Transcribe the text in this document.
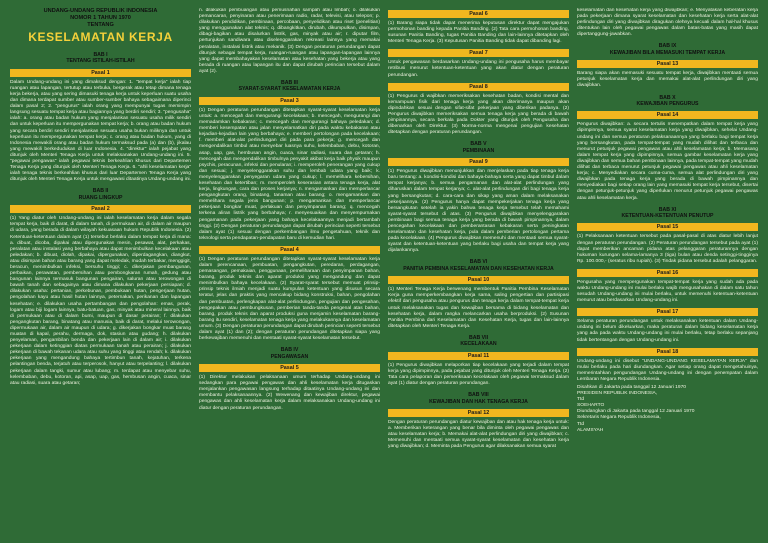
UNDANG-UNDANG REPUBLIK INDONESIA
NOMOR 1 TAHUN 1970
TENTANG
KESELAMATAN KERJA
BAB I
TENTANG ISTILAH-ISTILAH
Pasal 1
Dalam Undang-undang ini yang dimaksud dengan: 1. "tempat kerja" ialah tiap ruangan atau lapangan, tertutup atau terbuka, bergerak atau tetap dimana tenaga kerja bekerja, atau yang sering dimasuki tenaga kerja untuk keperluan suatu usaha dan dimana terdapat sumber atau sumber-sumber bahaya sebagaimana diperinci dalam pasal 2; 2. "pengurus" ialah orang yang mempunyai tugas memimpin langsung sesuatu tempat kerja atau bagiannya yang berdiri sendiri; 3. "pengusaha" ialah: a. orang atau badan hukum yang menjalankan sesuatu usaha milik sendiri dan untuk keperluan itu mempergunakan tempat kerja; b. orang atau badan hukum yang secara berdiri sendiri menjalankan sesuatu usaha bukan miliknya dan untuk keperluan itu mempergunakan tempat kerja; c. orang atau badan hukum, yang di Indonesia mewakili orang atau badan hukum termaksud pada (a) dan (b), jikalau yang mewakili berkedudukan di luar Indonesia. 4. "direktur" ialah pejabat yang ditunjuk oleh Menteri Tenaga Kerja untuk melaksanakan Undang-undang ini. 5. "pegawai pengawas" ialah pegawai teknis berkeahlian khusus dari Departemen Tenaga Kerja yang ditunjuk oleh Menteri Tenaga Kerja. 6. "ahli keselamatan kerja" ialah tenaga teknis berkeahlian khusus dari luar Departemen Tenaga Kerja yang ditunjuk oleh Menteri Tenaga Kerja untuk mengawasi ditaatinya Undang-undang ini.
BAB II
RUANG LINGKUP
Pasal 2
(1) Yang diatur oleh Undang-undang ini ialah keselamatan kerja dalam segala tempat kerja, baik di darat, di dalam tanah, di permukaan air, di dalam air maupun di udara, yang berada di dalam wilayah kekuasaan hukum Republik Indonesia. (2) Ketentuan-ketentuan dalam ayat (1) tersebut berlaku dalam tempat kerja di mana: a. dibuat, dicoba, dipakai atau dipergunakan mesin, pesawat, alat, perkakas, peralatan atau instalasi yang berbahaya atau dapat menimbulkan kecelakaan atau peledakan; b. dibuat, diolah, dipakai, dipergunakan, diperdagangkan, diangkut, atau disimpan bahan atau barang yang dapat meledak, mudah terbakar, menggigit, beracun, menimbulkan infeksi, bersuhu tinggi; c. dikerjakan pembangunan, perbaikan, perawatan, pembersihan atau pembongkaran rumah, gedung atau bangunan lainnya termasuk bangunan pengairan, saluran atau terowongan di bawah tanah dan sebagainya atau dimana dilakukan pekerjaan persiapan; d. dilakukan usaha: pertanian, perkebunan, pembukaan hutan, pengerjaan hutan, pengolahan kayu atau hasil hutan lainnya, peternakan, perikanan dan lapangan kesehatan; e. dilakukan usaha pertambangan dan pengolahan: emas, perak, logam atau biji logam lainnya, batu-batuan, gas, minyak atau mineral lainnya, baik di permukaan atau di dalam bumi, maupun di dasar perairan; f. dilakukan pengangkutan barang, binatang atau manusia, baik di darat, melalui terowongan, dipermukaan air, dalam air maupun di udara; g. dikerjakan bongkar muat barang muatan di kapal, perahu, dermaga, dok, stasiun atau gudang; h. dilakukan penyelaman, pengambilan benda dan pekerjaan lain di dalam air; i. dilakukan pekerjaan dalam ketinggian diatas permukaan tanah atau perairan; j. dilakukan pekerjaan di bawah tekanan udara atau suhu yang tinggi atau rendah; k. dilakukan pekerjaan yang mengandung bahaya tertimbun tanah, kejatuhan, terkena pelantingan benda, terjatuh atau terperosok, hanyut atau terpelanting; l. dilakukan pekerjaan dalam tangki, sumur atau lubang; m. terdapat atau menyebar suhu, kelembaban, debu, kotoran, api, asap, uap, gas, hembusan angin, cuaca, sinar atau radiasi, suara atau getaran;
n. dilakukan pembuangan atau pemusnahan sampah atau limbah; o. dilakukan pemancaran, penyinaran atau penerimaan radio, radar, televisi, atau telepon; p. dilakukan pendidikan, pembinaan, percobaan, penyelidikan atau riset (penelitian) yang menggunakan alat teknis; q. dibangkitkan, dirubah, dikumpulkan, disimpan, dibagi-bagikan atau disalurkan listrik, gas, minyak atau air; r. diputar film, pertunjukan sandiwara atau diselenggarakan rekreasi lainnya yang memakai peralatan, instalasi listrik atau mekanik. (3) Dengan peraturan perundangan dapat ditunjuk sebagai tempat kerja, ruangan-ruangan atau lapangan-lapangan lainnya yang dapat membahayakan keselamatan atau kesehatan yang bekerja atau yang berada di ruangan atau lapangan itu dan dapat dirubah perincian tersebut dalam ayat (2).
BAB III
SYARAT-SYARAT KESELAMATAN KERJA
Pasal 3
(1) Dengan peraturan perundangan ditetapkan syarat-syarat keselamatan kerja untuk: a. mencegah dan mengurangi kecelakaan; b. mencegah, mengurangi dan memadamkan kebakaran; c. mencegah dan mengurangi bahaya peledakan; d. memberi kesempatan atau jalan menyelamatkan diri pada waktu kebakaran atau kejadian-kejadian lain yang berbahaya; e. memberi pertolongan pada kecelakaan; f. memberi alat-alat perlindungan diri pada para pekerja; g. mencegah dan mengendalikan timbul atau menyebar luasnya suhu, kelembaban, debu, kotoran, asap, uap, gas, hembusan angin, cuaca, sinar radiasi, suara dan getaran; h. mencegah dan mengendalikan timbulnya penyakit akibat kerja baik physik maupun psychis, peracunan, infeksi dan penularan; i. memperoleh penerangan yang cukup dan sesuai; j. menyelenggarakan suhu dan lembab udara yang baik; k. menyelenggarakan penyegaran udara yang cukup; l. memelihara kebersihan, kesehatan dan ketertiban; m. memperoleh keserasian antara tenaga kerja, alat kerja, lingkungan, cara dan proses kerjanya; n. mengamankan dan memperlancar pengangkutan orang, binatang, tanaman atau barang; o. mengamankan dan memelihara segala jenis bangunan; p. mengamankan dan memperlancar pekerjaan bongkar muat, perlakuan dan penyimpanan barang; q. mencegah terkena aliran listrik yang berbahaya; r. menyesuaikan dan menyempurnakan pengamanan pada pekerjaan yang bahaya kecelakaannya menjadi bertambah tinggi. (2) Dengan peraturan perundangan dapat dirubah perincian seperti tersebut dalam ayat (1) sesuai dengan perkembangan ilmu pengetahuan, teknik dan teknologi serta pendapatan-pendapatan baru di kemudian hari.
Pasal 4
(1) Dengan peraturan perundangan ditetapkan syarat-syarat keselamatan kerja dalam perencanaan, pembuatan, pengangkutan, peredaran, perdagangan, pemasangan, pemakaian, penggunaan, pemeliharaan dan penyimpanan bahan, barang, produk teknis dan aparat produksi yang mengandung dan dapat menimbulkan bahaya kecelakaan. (2) Syarat-syarat tersebut memuat prinsip-prinsip teknis ilmiah menjadi suatu kumpulan ketentuan yang disusun secara teratur, jelas dan praktis yang mencakup bidang konstruksi, bahan, pengolahan dan pembuatan, perlengkapan alat-alat perlindungan, pengujian dan pengesahan, pengepakan atau pembungkusan, pemberian tanda-tanda pengenal atas bahan, barang, produk teknis dan aparat produksi guna menjamin keselamatan barang-barang itu sendiri, keselamatan tenaga kerja yang melakukannya dan keselamatan umum. (3) Dengan peraturan perundangan dapat dirubah perincian seperti tersebut dalam ayat (1) dan (2); dengan peraturan perundangan ditetapkan siapa yang berkewajiban memenuhi dan mentaati syarat-syarat keselamatan tersebut.
BAB IV
PENGAWASAN
Pasal 5
(1) Direktur melakukan pelaksanaan umum terhadap Undang-undang ini sedangkan para pegawai pengawas dan ahli keselamatan kerja ditugaskan menjalankan pengawasan langsung terhadap ditaatinya Undang-undang ini dan membantu pelaksanaannya. (2) Wewenang dan kewajiban direktur, pegawai pengawas dan ahli keselamatan kerja dalam melaksanakan Undang-undang ini diatur dengan peraturan perundangan.
Pasal 6
(1) Barang siapa tidak dapat menerima keputusan direktur dapat mengajukan permohonan banding kepada Panitia Banding. (2) Tata cara permohonan banding, susunan Panitia Banding, tugas Panitia Banding dan lain-lainnya ditetapkan oleh Menteri Tenaga Kerja. (3) Keputusan Panitia Banding tidak dapat dibanding lagi.
Pasal 7
Untuk pengawasan berdasarkan Undang-undang ini pengusaha harus membayar retribusi menurut ketentuan-ketentuan yang akan diatur dengan peraturan perundangan.
Pasal 8
(1) Pengurus di wajibkan memeriksakan kesehatan badan, kondisi mental dan kemampuan fisik dari tenaga kerja yang akan diterimanya maupun akan dipindahkan sesuai dengan sifat-sifat pekerjaan yang diberikan padanya. (2) Pengurus diwajibkan memeriksakan semua tenaga kerja yang berada di bawah pimpinannya, secara berkala pada Dokter yang ditunjuk oleh Pengusaha dan dibenarkan oleh Direktur. (3) Norma-norma mengenai pengujian kesehatan ditetapkan dengan peraturan perundangan.
BAB V
PEMBINAAN
Pasal 9
(1) Pengurus diwajibkan menunjukkan dan menjelaskan pada tiap tenaga kerja baru tentang: a. kondisi-kondisi dan bahaya-bahaya serta yang dapat timbul dalam tempat kerjanya; b. semua pengamanan dan alat-alat perlindungan yang diharuskan dalam tempat kerjanya; c. alat-alat perlindungan diri bagi tenaga kerja yang bersangkutan; d. cara-cara dan sikap yang aman dalam melaksanakan pekerjaannya. (2) Pengurus hanya dapat mempekerjakan tenaga kerja yang bersangkutan setelah ia yakin bahwa tenaga kerja tersebut telah memahami syarat-syarat tersebut di atas. (3) Pengurus diwajibkan menyelenggarakan pembinaan bagi semua tenaga kerja yang berada di bawah pimpinannya, dalam pencegahan kecelakaan dan pemberantasan kebakaran serta peningkatan keselamatan dan kesehatan kerja, pula dalam pemberian pertolongan pertama pada kecelakaan. (4) Pengurus diwajibkan memenuhi dan mentaati semua syarat-syarat dan ketentuan-ketentuan yang berlaku bagi usaha dan tempat kerja yang dijalankannya.
BAB VI
PANITIA PEMBINA KESELAMATAN DAN KESEHATAN KERJA
Pasal 10
(1) Menteri Tenaga Kerja berwenang membentuk Panitia Pembina Keselamatan Kerja guna memperkembangkan kerja sama, saling pengertian dan partisipasi efektif dari pengusaha atau pengurus dan tenaga kerja dalam tempat-tempat kerja untuk melaksanakan tugas dan kewajiban bersama di bidang keselamatan dan kesehatan kerja, dalam rangka melancarkan usaha berproduksi. (2) Susunan Panitia Pembina dari Keselamatan dan Kesehatan Kerja, tugas dan lain-lainnya ditetapkan oleh Menteri Tenaga Kerja.
BAB VII
KECELAKAAN
Pasal 11
(1) Pengurus diwajibkan melaporkan tiap kecelakaan yang terjadi dalam tempat kerja yang dipimpinnya, pada pejabat yang ditunjuk oleh Menteri Tenaga Kerja. (2) Tata cara pelaporan dan pemeriksaan kecelakaan oleh pegawai termaksud dalam ayat (1) diatur dengan peraturan perundangan.
BAB VIII
KEWAJIBAN DAN HAK TENAGA KERJA
Pasal 12
Dengan peraturan perundangan diatur kewajiban dan atau hak tenaga kerja untuk: a. Memberikan keterangan yang benar bila diminta oleh pegawai pengawas dan atau keselamatan kerja; b. Memakai alat-alat perlindungan diri yang diwajibkan; c. Memenuhi dan mentaati semua syarat-syarat keselamatan dan kesehatan kerja yang diwajibkan; d. Meminta pada Pengurus agar dilaksanakan semua syarat
keselamatan dan kesehatan kerja yang diwajibkan; e. Menyatakan keberatan kerja pada pekerjaan dimana syarat keselamatan dan kesehatan kerja serta alat-alat perlindungan diri yang diwajibkan diragukan olehnya kecuali dalam hal-hal khusus ditentukan lain oleh pegawai pengawas dalam batas-batas yang masih dapat dipertanggung-jawabkan.
BAB IX
KEWAJIBAN BILA MEMASUKI TEMPAT KERJA
Pasal 13
Barang siapa akan memasuki sesuatu tempat kerja, diwajibkan mentaati semua petunjuk keselamatan kerja dan memakai alat-alat perlindungan diri yang diwajibkan.
BAB X
KEWAJIBAN PENGURUS
Pasal 14
Pengurus diwajibkan: a. secara tertulis menempatkan dalam tempat kerja yang dipimpinnya, semua syarat keselamatan kerja yang diwajibkan, sehelai Undang-undang ini dan semua peraturan pelaksanaannya yang berlaku bagi tempat kerja yang bersangkutan, pada tempat-tempat yang mudah dilihat dan terbaca dan menurut petunjuk pegawai pengawas atau ahli keselamatan kerja; b. Memasang dalam tempat kerja yang dipimpinnya, semua gambar keselamatan kerja yang diwajibkan dan semua bahan pembinaan lainnya, pada tempat-tempat yang mudah dilihat dan terbaca menurut petunjuk pegawai pengawas atau ahli keselamatan kerja; c. Menyediakan secara cuma-cuma, semua alat perlindungan diri yang diwajibkan pada tenaga kerja yang berada di bawah pimpinannya dan menyediakan bagi setiap orang lain yang memasuki tempat kerja tersebut, disertai dengan petunjuk-petunjuk yang diperlukan menurut petunjuk pegawai pengawas atau ahli keselamatan kerja.
BAB XI
KETENTUAN-KETENTUAN PENUTUP
Pasal 15
(1) Pelaksanaan ketentuan tersebut pada pasal-pasal di atas diatur lebih lanjut dengan peraturan perundangan. (2) Peraturan perundangan tersebut pada ayat (1) dapat memberikan ancaman pidana atas pelanggaran peraturannya dengan hukuman kurungan selama-lamanya 3 (tiga) bulan atau denda setinggi-tingginya Rp. 100.000,- (seratus ribu rupiah). (3) Tindak pidana tersebut adalah pelanggaran.
Pasal 16
Pengusaha yang mempergunakan tempat-tempat kerja yang sudah ada pada waktu Undang-undang ini mulai berlaku wajib mengusahakan di dalam satu tahun sesudah Undang-undang ini mulai berlaku, untuk memenuhi ketentuan-ketentuan menurut atau berdasarkan Undang-undang ini.
Pasal 17
Selama peraturan perundangan untuk melaksanakan ketentuan dalam Undang-undang ini belum dikeluarkan, maka peraturan dalam bidang keselamatan kerja yang ada pada waktu Undang-undang ini mulai berlaku, tetap berlaku sepanjang tidak bertentangan dengan Undang-undang ini.
Pasal 18
Undang-undang ini disebut "UNDANG-UNDANG KESELAMATAN KERJA" dan mulai berlaku pada hari diundangkan. Agar setiap orang dapat mengetahuinya, memerintahkan pengundangan Undang-undang ini dengan penempatan dalam Lembaran Negara Republik Indonesia.
Disahkan di Jakarta pada tanggal 12 Januari 1970
PRESIDEN REPUBLIK INDONESIA,
Ttd
SOEHARTO
Diundangkan di Jakarta pada tanggal 12 Januari 1970
Sekretaris Negara Republik Indonesia,
Ttd
ALAMSYAH
